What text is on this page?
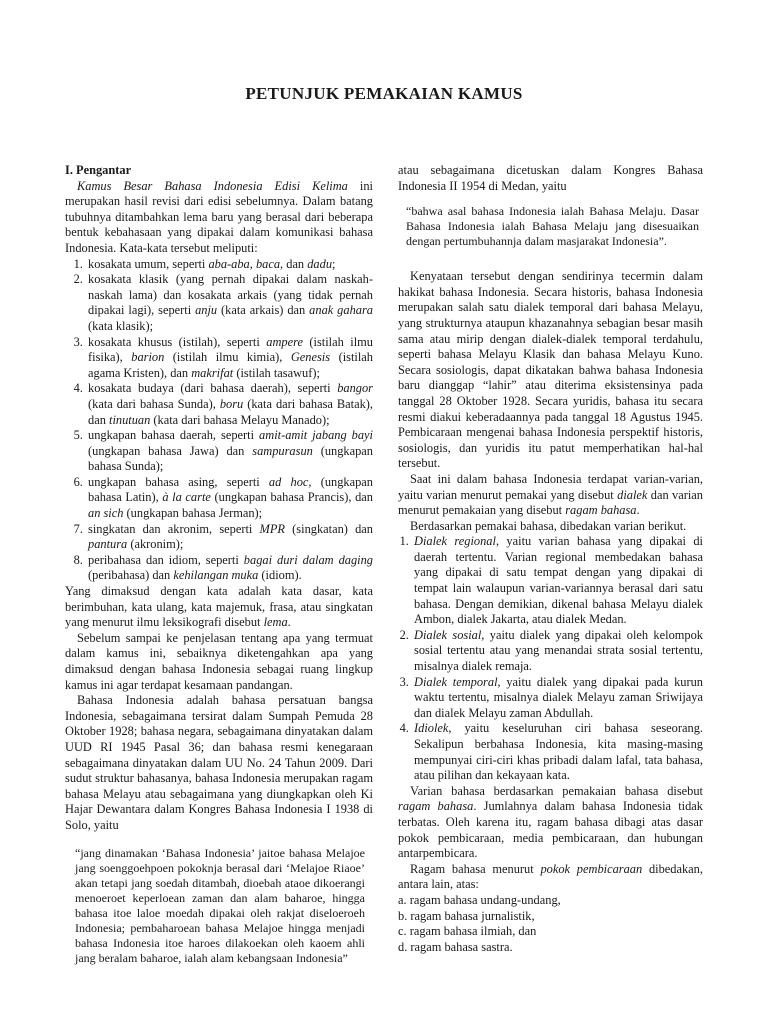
PETUNJUK PEMAKAIAN KAMUS

I. Pengantar

Kamus Besar Bahasa Indonesia Edisi Kelima ini merupakan hasil revisi dari edisi sebelumnya. Dalam batang tubuhnya ditambahkan lema baru yang berasal dari beberapa bentuk kebahasaan yang dipakai dalam komunikasi bahasa Indonesia. Kata-kata tersebut meliputi:

1. kosakata umum, seperti aba-aba, baca, dan dadu;
2. kosakata klasik (yang pernah dipakai dalam naskah-naskah lama) dan kosakata arkais (yang tidak pernah dipakai lagi), seperti anju (kata arkais) dan anak gahara (kata klasik);
3. kosakata khusus (istilah), seperti ampere (istilah ilmu fisika), barion (istilah ilmu kimia), Genesis (istilah agama Kristen), dan makrifat (istilah tasawuf);
4. kosakata budaya (dari bahasa daerah), seperti bangor (kata dari bahasa Sunda), boru (kata dari bahasa Batak), dan tinutuan (kata dari bahasa Melayu Manado);
5. ungkapan bahasa daerah, seperti amit-amit jabang bayi (ungkapan bahasa Jawa) dan sampurasun (ungkapan bahasa Sunda);
6. ungkapan bahasa asing, seperti ad hoc, (ungkapan bahasa Latin), à la carte (ungkapan bahasa Prancis), dan an sich (ungkapan bahasa Jerman);
7. singkatan dan akronim, seperti MPR (singkatan) dan pantura (akronim);
8. peribahasa dan idiom, seperti bagai duri dalam daging (peribahasa) dan kehilangan muka (idiom).

Yang dimaksud dengan kata adalah kata dasar, kata berimbuhan, kata ulang, kata majemuk, frasa, atau singkatan yang menurut ilmu leksikografi disebut lema.

Sebelum sampai ke penjelasan tentang apa yang termuat dalam kamus ini, sebaiknya diketengahkan apa yang dimaksud dengan bahasa Indonesia sebagai ruang lingkup kamus ini agar terdapat kesamaan pandangan.

Bahasa Indonesia adalah bahasa persatuan bangsa Indonesia, sebagaimana tersirat dalam Sumpah Pemuda 28 Oktober 1928; bahasa negara, sebagaimana dinyatakan dalam UUD RI 1945 Pasal 36; dan bahasa resmi kenegaraan sebagaimana dinyatakan dalam UU No. 24 Tahun 2009. Dari sudut struktur bahasanya, bahasa Indonesia merupakan ragam bahasa Melayu atau sebagaimana yang diungkapkan oleh Ki Hajar Dewantara dalam Kongres Bahasa Indonesia I 1938 di Solo, yaitu

“jang dinamakan ‘Bahasa Indonesia’ jaitoe bahasa Melajoe jang soenggoehpoen pokoknja berasal dari ‘Melajoe Riaoe’ akan tetapi jang soedah ditambah, dioebah ataoe dikoerangi menoeroet keperloean zaman dan alam baharoe, hingga bahasa itoe laloe moedah dipakai oleh rakjat diseloeroeh Indonesia; pembaharoean bahasa Melajoe hingga menjadi bahasa Indonesia itoe haroes dilakoekan oleh kaoem ahli jang beralam baharoe, ialah alam kebangsaan Indonesia”

atau sebagaimana dicetuskan dalam Kongres Bahasa Indonesia II 1954 di Medan, yaitu

“bahwa asal bahasa Indonesia ialah Bahasa Melaju. Dasar Bahasa Indonesia ialah Bahasa Melaju jang disesuaikan dengan pertumbuhannja dalam masjarakat Indonesia”.

Kenyataan tersebut dengan sendirinya tecermin dalam hakikat bahasa Indonesia. Secara historis, bahasa Indonesia merupakan salah satu dialek temporal dari bahasa Melayu, yang strukturnya ataupun khazanahnya sebagian besar masih sama atau mirip dengan dialek-dialek temporal terdahulu, seperti bahasa Melayu Klasik dan bahasa Melayu Kuno. Secara sosiologis, dapat dikatakan bahwa bahasa Indonesia baru dianggap “lahir” atau diterima eksistensinya pada tanggal 28 Oktober 1928. Secara yuridis, bahasa itu secara resmi diakui keberadaannya pada tanggal 18 Agustus 1945. Pembicaraan mengenai bahasa Indonesia perspektif historis, sosiologis, dan yuridis itu patut memperhatikan hal-hal tersebut.

Saat ini dalam bahasa Indonesia terdapat varian-varian, yaitu varian menurut pemakai yang disebut dialek dan varian menurut pemakaian yang disebut ragam bahasa.

Berdasarkan pemakai bahasa, dibedakan varian berikut.

1. Dialek regional, yaitu varian bahasa yang dipakai di daerah tertentu. Varian regional membedakan bahasa yang dipakai di satu tempat dengan yang dipakai di tempat lain walaupun varian-variannya berasal dari satu bahasa. Dengan demikian, dikenal bahasa Melayu dialek Ambon, dialek Jakarta, atau dialek Medan.
2. Dialek sosial, yaitu dialek yang dipakai oleh kelompok sosial tertentu atau yang menandai strata sosial tertentu, misalnya dialek remaja.
3. Dialek temporal, yaitu dialek yang dipakai pada kurun waktu tertentu, misalnya dialek Melayu zaman Sriwijaya dan dialek Melayu zaman Abdullah.
4. Idiolek, yaitu keseluruhan ciri bahasa seseorang. Sekalipun berbahasa Indonesia, kita masing-masing mempunyai ciri-ciri khas pribadi dalam lafal, tata bahasa, atau pilihan dan kekayaan kata.

Varian bahasa berdasarkan pemakaian bahasa disebut ragam bahasa. Jumlahnya dalam bahasa Indonesia tidak terbatas. Oleh karena itu, ragam bahasa dibagi atas dasar pokok pembicaraan, media pembicaraan, dan hubungan antarpembicara.

Ragam bahasa menurut pokok pembicaraan dibedakan, antara lain, atas:

a. ragam bahasa undang-undang,
b. ragam bahasa jurnalistik,
c. ragam bahasa ilmiah, dan
d. ragam bahasa sastra.
